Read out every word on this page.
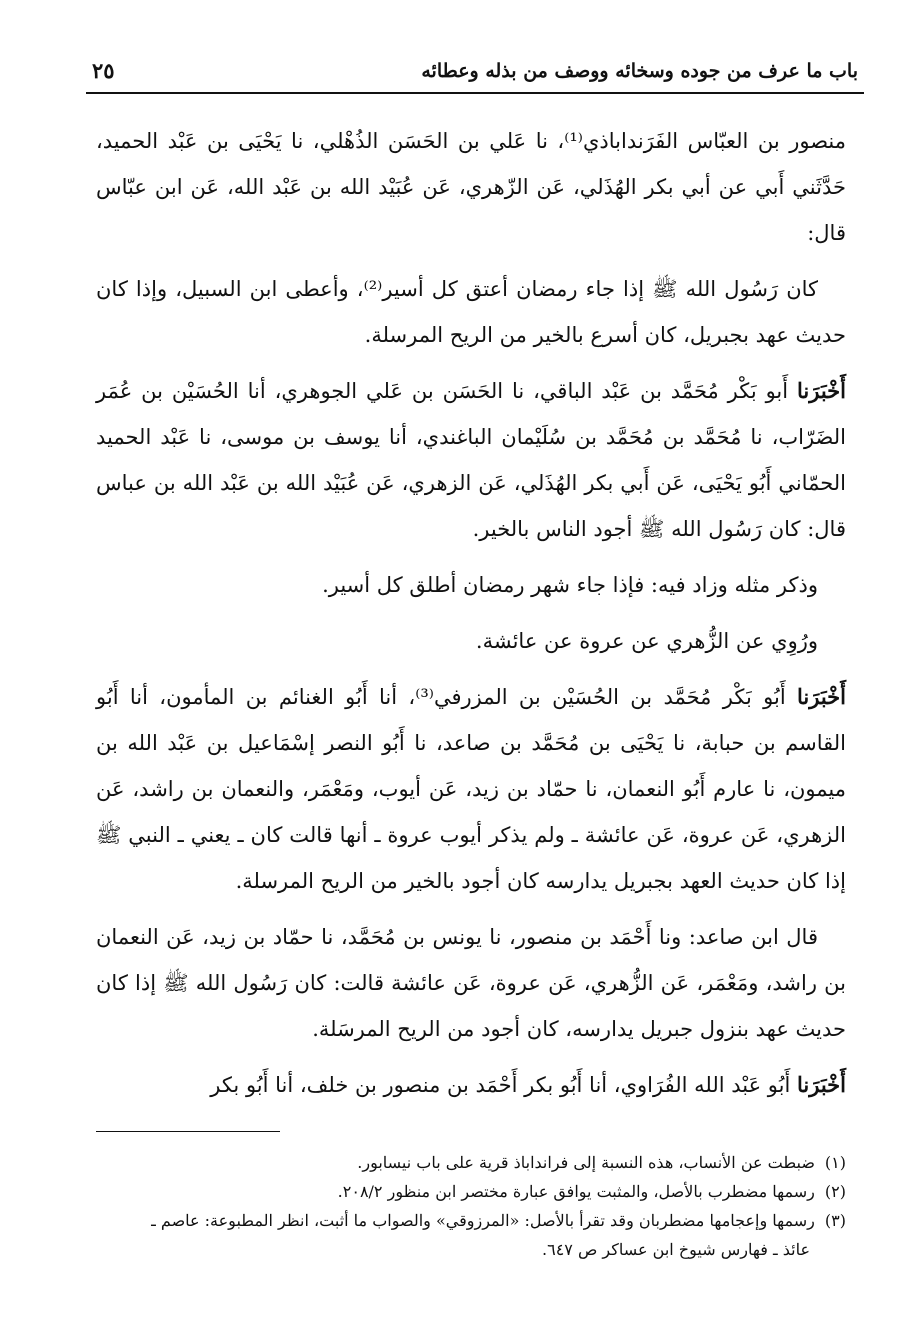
باب ما عرف من جوده وسخائه ووصف من بذله وعطائه
٢٥

منصور بن العبّاس الفَرَنداباذي⁽¹⁾، نا عَلي بن الحَسَن الذُهْلي، نا يَحْيَى بن عَبْد الحميد، حَدَّثَني أَبي عن أبي بكر الهُذَلي، عَن الزّهري، عَن عُبَيْد الله بن عَبْد الله، عَن ابن عبّاس قال:

كان رَسُول الله ﷺ إذا جاء رمضان أعتق كل أسير⁽²⁾، وأعطى ابن السبيل، وإذا كان حديث عهد بجبريل، كان أسرع بالخير من الريح المرسلة.

أَخْبَرَنا أَبو بَكْر مُحَمَّد بن عَبْد الباقي، نا الحَسَن بن عَلي الجوهري، أنا الحُسَيْن بن عُمَر الضَرّاب، نا مُحَمَّد بن مُحَمَّد بن سُلَيْمان الباغندي، أنا يوسف بن موسى، نا عَبْد الحميد الحمّاني أَبُو يَحْيَى، عَن أَبي بكر الهُذَلي، عَن الزهري، عَن عُبَيْد الله بن عَبْد الله بن عباس قال: كان رَسُول الله ﷺ أجود الناس بالخير.

وذكر مثله وزاد فيه: فإذا جاء شهر رمضان أطلق كل أسير.

ورُوِي عن الزُّهري عن عروة عن عائشة.

أَخْبَرَنا أَبُو بَكْر مُحَمَّد بن الحُسَيْن بن المزرفي⁽³⁾، أنا أَبُو الغنائم بن المأمون، أنا أَبُو القاسم بن حبابة، نا يَحْيَى بن مُحَمَّد بن صاعد، نا أَبُو النصر إسْمَاعيل بن عَبْد الله بن ميمون، نا عارم أَبُو النعمان، نا حمّاد بن زيد، عَن أيوب، ومَعْمَر، والنعمان بن راشد، عَن الزهري، عَن عروة، عَن عائشة ـ ولم يذكر أيوب عروة ـ أنها قالت كان ـ يعني ـ النبي ﷺ إذا كان حديث العهد بجبريل يدارسه كان أجود بالخير من الريح المرسلة.

قال ابن صاعد: ونا أَحْمَد بن منصور، نا يونس بن مُحَمَّد، نا حمّاد بن زيد، عَن النعمان بن راشد، ومَعْمَر، عَن الزُّهري، عَن عروة، عَن عائشة قالت: كان رَسُول الله ﷺ إذا كان حديث عهد بنزول جبريل يدارسه، كان أجود من الريح المرسَلة.

أَخْبَرَنا أَبُو عَبْد الله الفُرَاوي، أنا أَبُو بكر أَحْمَد بن منصور بن خلف، أنا أَبُو بكر

(١)ضبطت عن الأنساب، هذه النسبة إلى فرانداباذ قرية على باب نيسابور.

(٢)رسمها مضطرب بالأصل، والمثبت يوافق عبارة مختصر ابن منظور ٢٠٨/٢.

(٣)رسمها وإعجامها مضطربان وقد تقرأ بالأصل: «المرزوقي» والصواب ما أثبت، انظر المطبوعة: عاصم ـ

عائذ ـ فهارس شيوخ ابن عساكر ص ٦٤٧.
